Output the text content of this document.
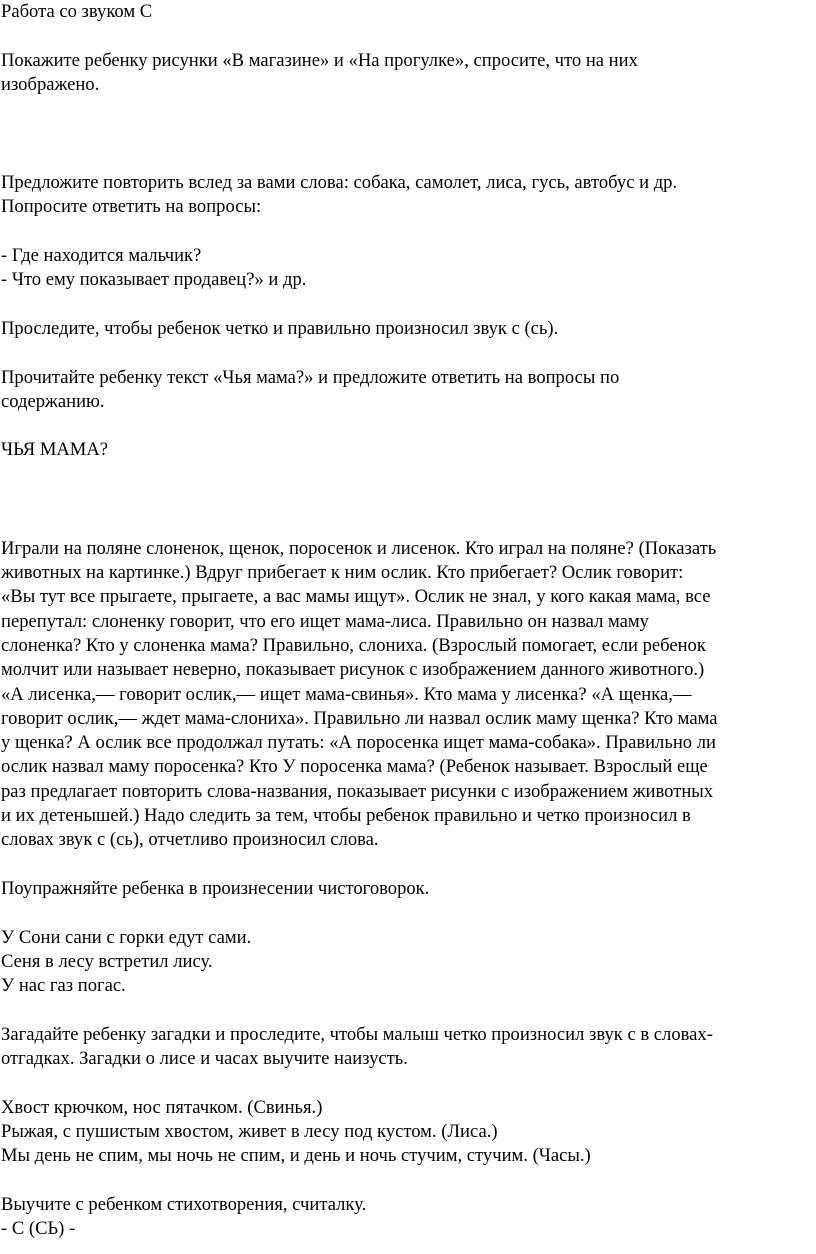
Работа со звуком С
Покажите ребенку рисунки «В магазине» и «На прогулке», спросите, что на них
изображено.
Предложите повторить вслед за вами слова: собака, самолет, лиса, гусь, автобус и др.
Попросите ответить на вопросы:
- Где находится мальчик?
- Что ему показывает продавец?» и др.
Проследите, чтобы ребенок четко и правильно произносил звук с (сь).
Прочитайте ребенку текст «Чья мама?» и предложите ответить на вопросы по
содержанию.
ЧЬЯ МАМА?
Играли на поляне слоненок, щенок, поросенок и лисенок. Кто играл на поляне? (Показать
животных на картинке.) Вдруг прибегает к ним ослик. Кто прибегает? Ослик говорит:
«Вы тут все прыгаете, прыгаете, а вас мамы ищут». Ослик не знал, у кого какая мама, все
перепутал: слоненку говорит, что его ищет мама-лиса. Правильно он назвал маму
слоненка? Кто у слоненка мама? Правильно, слониха. (Взрослый помогает, если ребенок
молчит или называет неверно, показывает рисунок с изображением данного животного.)
«А лисенка,— говорит ослик,— ищет мама-свинья». Кто мама у лисенка? «А щенка,—
говорит ослик,— ждет мама-слониха». Правильно ли назвал ослик маму щенка? Кто мама
у щенка? А ослик все продолжал путать: «А поросенка ищет мама-собака». Правильно ли
ослик назвал маму поросенка? Кто У поросенка мама? (Ребенок называет. Взрослый еще
раз предлагает повторить слова-названия, показывает рисунки с изображением животных
и их детенышей.) Надо следить за тем, чтобы ребенок правильно и четко произносил в
словах звук с (сь), отчетливо произносил слова.
Поупражняйте ребенка в произнесении чистоговорок.
У Сони сани с горки едут сами.
Сеня в лесу встретил лису.
У нас газ погас.
Загадайте ребенку загадки и проследите, чтобы малыш четко произносил звук с в словах-
отгадках. Загадки о лисе и часах выучите наизусть.
Хвост крючком, нос пятачком. (Свинья.)
Рыжая, с пушистым хвостом, живет в лесу под кустом. (Лиса.)
Мы день не спим, мы ночь не спим, и день и ночь стучим, стучим. (Часы.)
Выучите с ребенком стихотворения, считалку.
- С (СЬ) -
